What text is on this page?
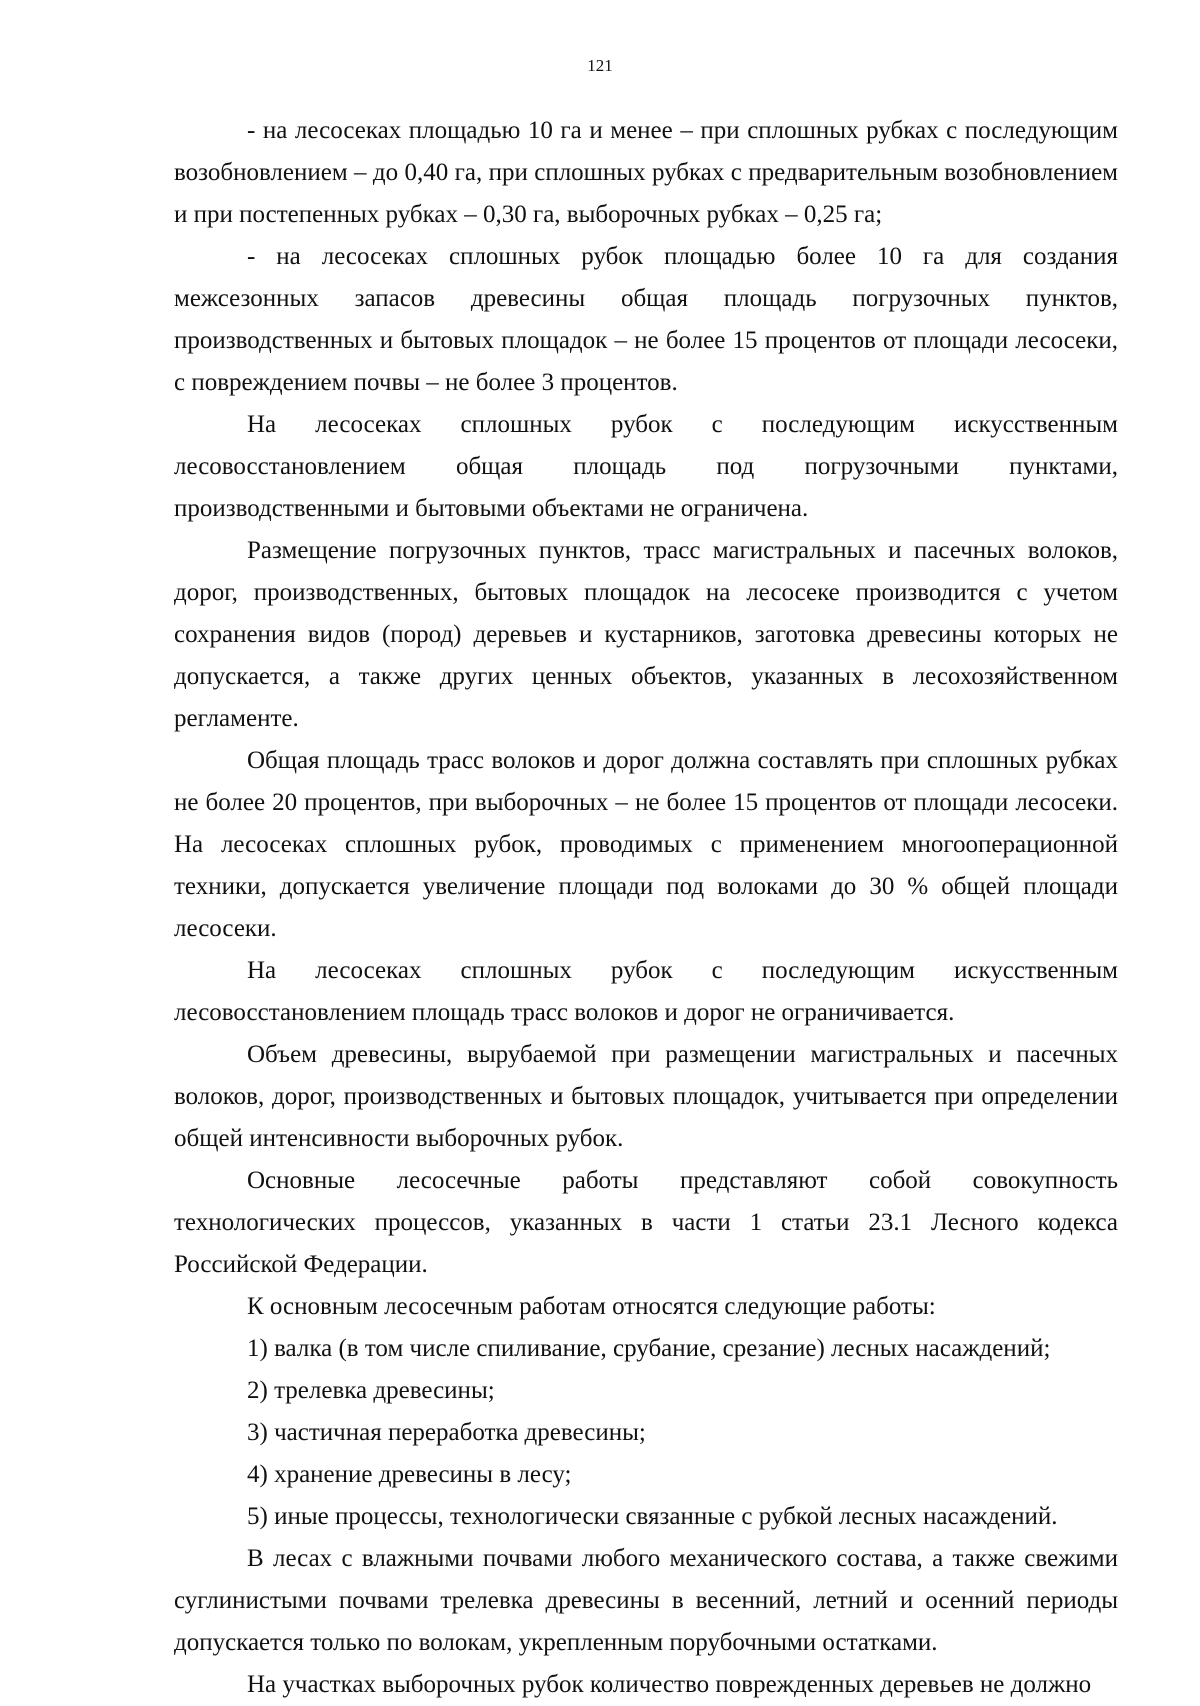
121

- на лесосеках площадью 10 га и менее – при сплошных рубках с последующим возобновлением – до 0,40 га, при сплошных рубках с предварительным возобновлением и при постепенных рубках – 0,30 га, выборочных рубках – 0,25 га;

- на лесосеках сплошных рубок площадью более 10 га для создания межсезонных запасов древесины общая площадь погрузочных пунктов, производственных и бытовых площадок – не более 15 процентов от площади лесосеки, с повреждением почвы – не более 3 процентов.

На лесосеках сплошных рубок с последующим искусственным лесовосстановлением общая площадь под погрузочными пунктами, производственными и бытовыми объектами не ограничена.

Размещение погрузочных пунктов, трасс магистральных и пасечных волоков, дорог, производственных, бытовых площадок на лесосеке производится с учетом сохранения видов (пород) деревьев и кустарников, заготовка древесины которых не допускается, а также других ценных объектов, указанных в лесохозяйственном регламенте.

Общая площадь трасс волоков и дорог должна составлять при сплошных рубках не более 20 процентов, при выборочных – не более 15 процентов от площади лесосеки. На лесосеках сплошных рубок, проводимых с применением многооперационной техники, допускается увеличение площади под волоками до 30 % общей площади лесосеки.

На лесосеках сплошных рубок с последующим искусственным лесовосстановлением площадь трасс волоков и дорог не ограничивается.

Объем древесины, вырубаемой при размещении магистральных и пасечных волоков, дорог, производственных и бытовых площадок, учитывается при определении общей интенсивности выборочных рубок.

Основные лесосечные работы представляют собой совокупность технологических процессов, указанных в части 1 статьи 23.1 Лесного кодекса Российской Федерации.

К основным лесосечным работам относятся следующие работы:

1) валка (в том числе спиливание, срубание, срезание) лесных насаждений;

2) трелевка древесины;

3) частичная переработка древесины;

4) хранение древесины в лесу;

5) иные процессы, технологически связанные с рубкой лесных насаждений.

В лесах с влажными почвами любого механического состава, а также свежими суглинистыми почвами трелевка древесины в весенний, летний и осенний периоды допускается только по волокам, укрепленным порубочными остатками.

На участках выборочных рубок количество поврежденных деревьев не должно
